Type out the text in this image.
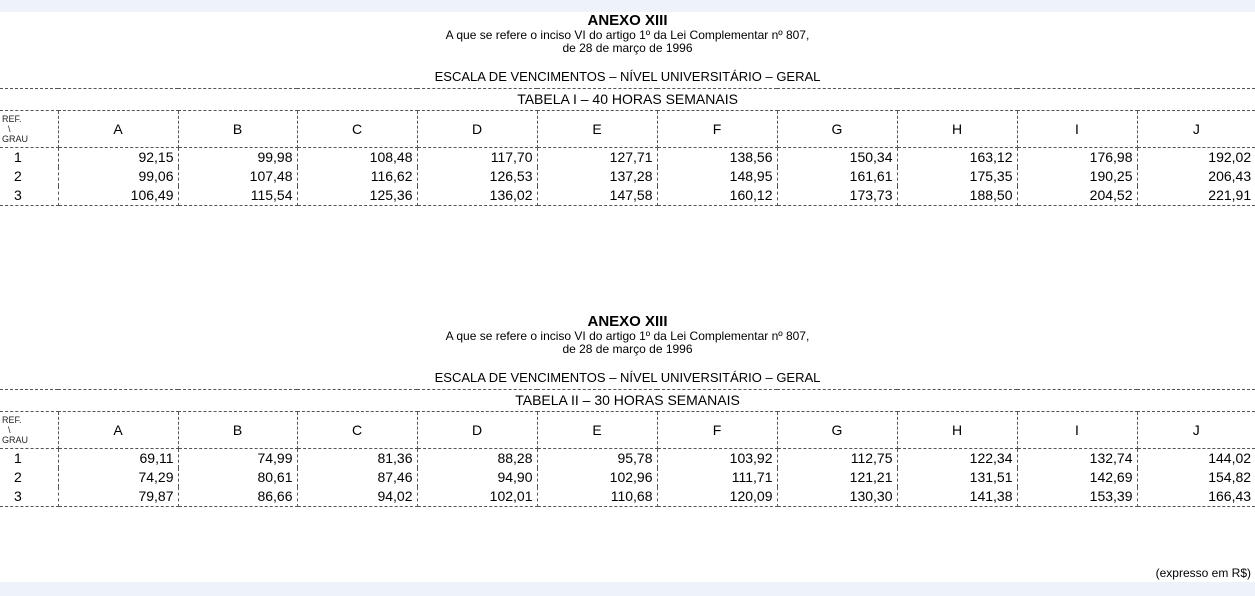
ANEXO XIII
A que se refere o inciso VI do artigo 1º da Lei Complementar nº 807,
de 28 de março de 1996
ESCALA DE VENCIMENTOS – NÍVEL UNIVERSITÁRIO – GERAL
TABELA I – 40 HORAS SEMANAIS										

REF.
\
GRAU	A	B	C	D	E	F	G	H	I	J
1	92,15	99,98	108,48	117,70	127,71	138,56	150,34	163,12	176,98	192,02
2	99,06	107,48	116,62	126,53	137,28	148,95	161,61	175,35	190,25	206,43
3	106,49	115,54	125,36	136,02	147,58	160,12	173,73	188,50	204,52	221,91
ANEXO XIII
A que se refere o inciso VI do artigo 1º da Lei Complementar nº 807,
de 28 de março de 1996
ESCALA DE VENCIMENTOS – NÍVEL UNIVERSITÁRIO – GERAL
TABELA II – 30 HORAS SEMANAIS										

REF.
\
GRAU	A	B	C	D	E	F	G	H	I	J
1	69,11	74,99	81,36	88,28	95,78	103,92	112,75	122,34	132,74	144,02
2	74,29	80,61	87,46	94,90	102,96	111,71	121,21	131,51	142,69	154,82
3	79,87	86,66	94,02	102,01	110,68	120,09	130,30	141,38	153,39	166,43
(expresso em R$)
